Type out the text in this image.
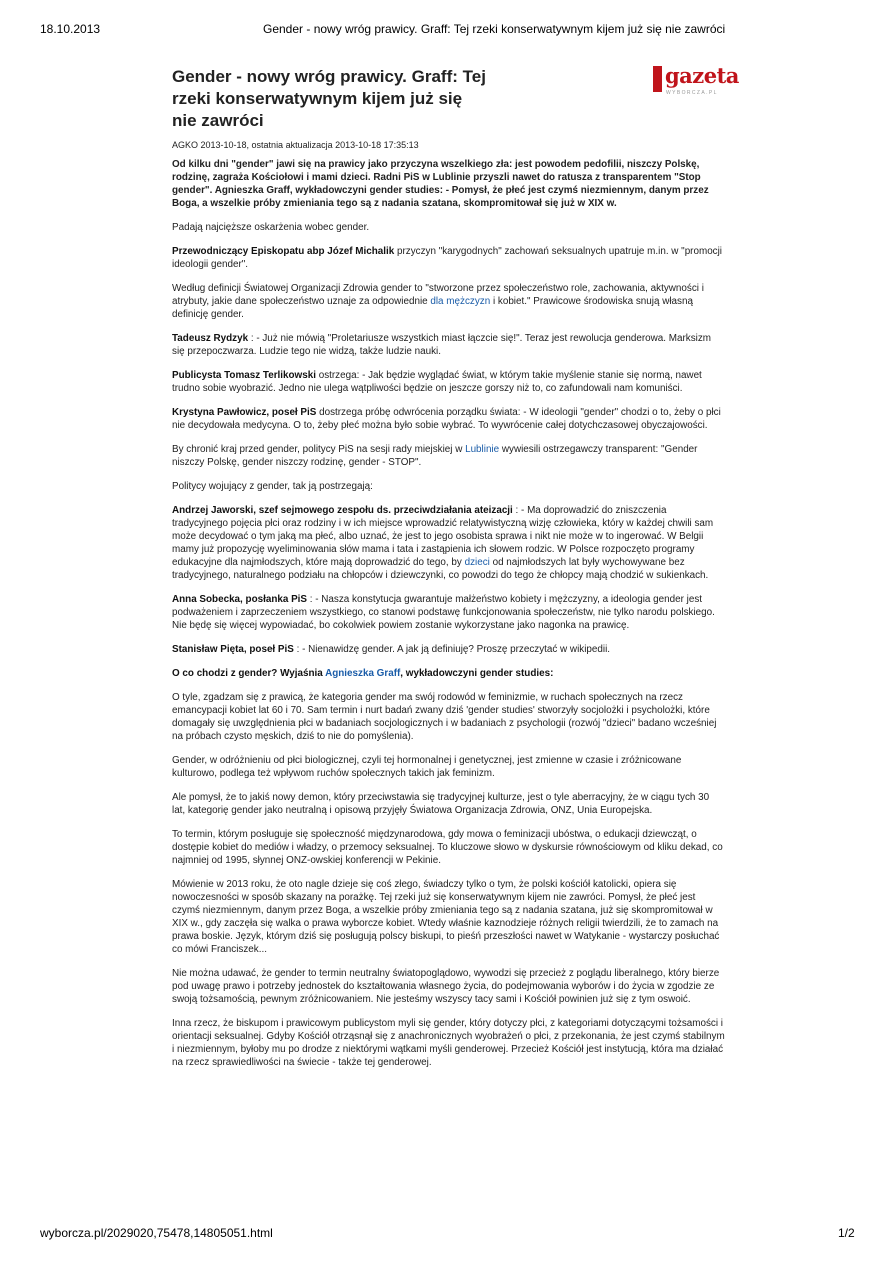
18.10.2013	Gender - nowy wróg prawicy. Graff: Tej rzeki konserwatywnym kijem już się nie zawróci
gazeta
WYBORCZA.PL
Gender - nowy wróg prawicy. Graff: Tej rzeki konserwatywnym kijem już się nie zawróci
AGKO 2013-10-18, ostatnia aktualizacja 2013-10-18 17:35:13

Od kilku dni "gender" jawi się na prawicy jako przyczyna wszelkiego zła: jest powodem pedofilii, niszczy Polskę, rodzinę, zagraża Kościołowi i mami dzieci. Radni PiS w Lublinie przyszli nawet do ratusza z transparentem "Stop gender". Agnieszka Graff, wykładowczyni gender studies: - Pomysł, że płeć jest czymś niezmiennym, danym przez Boga, a wszelkie próby zmieniania tego są z nadania szatana, skompromitował się już w XIX w.

Padają najcięższe oskarżenia wobec gender.

Przewodniczący Episkopatu abp Józef Michalik przyczyn "karygodnych" zachowań seksualnych upatruje m.in. w "promocji ideologii gender".

Według definicji Światowej Organizacji Zdrowia gender to "stworzone przez społeczeństwo role, zachowania, aktywności i atrybuty, jakie dane społeczeństwo uznaje za odpowiednie dla mężczyzn i kobiet." Prawicowe środowiska snują własną definicję gender.

Tadeusz Rydzyk : - Już nie mówią "Proletariusze wszystkich miast łączcie się!". Teraz jest rewolucja genderowa. Marksizm się przepoczwarza. Ludzie tego nie widzą, także ludzie nauki.

Publicysta Tomasz Terlikowski ostrzega: - Jak będzie wyglądać świat, w którym takie myślenie stanie się normą, nawet trudno sobie wyobrazić. Jedno nie ulega wątpliwości będzie on jeszcze gorszy niż to, co zafundowali nam komuniści.

Krystyna Pawłowicz, poseł PiS dostrzega próbę odwrócenia porządku świata: - W ideologii "gender" chodzi o to, żeby o płci nie decydowała medycyna. O to, żeby płeć można było sobie wybrać. To wywrócenie całej dotychczasowej obyczajowości.

By chronić kraj przed gender, politycy PiS na sesji rady miejskiej w Lublinie wywiesili ostrzegawczy transparent: "Gender niszczy Polskę, gender niszczy rodzinę, gender - STOP".

Politycy wojujący z gender, tak ją postrzegają:

Andrzej Jaworski, szef sejmowego zespołu ds. przeciwdziałania ateizacji : - Ma doprowadzić do zniszczenia tradycyjnego pojęcia płci oraz rodziny i w ich miejsce wprowadzić relatywistyczną wizję człowieka, który w każdej chwili sam może decydować o tym jaką ma płeć, albo uznać, że jest to jego osobista sprawa i nikt nie może w to ingerować. W Belgii mamy już propozycję wyeliminowania słów mama i tata i zastąpienia ich słowem rodzic. W Polsce rozpoczęto programy edukacyjne dla najmłodszych, które mają doprowadzić do tego, by dzieci od najmłodszych lat były wychowywane bez tradycyjnego, naturalnego podziału na chłopców i dziewczynki, co powodzi do tego że chłopcy mają chodzić w sukienkach.

Anna Sobecka, posłanka PiS : - Nasza konstytucja gwarantuje małżeństwo kobiety i mężczyzny, a ideologia gender jest podważeniem i zaprzeczeniem wszystkiego, co stanowi podstawę funkcjonowania społeczeństw, nie tylko narodu polskiego. Nie będę się więcej wypowiadać, bo cokolwiek powiem zostanie wykorzystane jako nagonka na prawicę.

Stanisław Pięta, poseł PiS : - Nienawidzę gender. A jak ją definiuję? Proszę przeczytać w wikipedii.

O co chodzi z gender? Wyjaśnia Agnieszka Graff, wykładowczyni gender studies:

O tyle, zgadzam się z prawicą, że kategoria gender ma swój rodowód w feminizmie, w ruchach społecznych na rzecz emancypacji kobiet lat 60 i 70. Sam termin i nurt badań zwany dziś 'gender studies' stworzyły socjolożki i psycholożki, które domagały się uwzględnienia płci w badaniach socjologicznych i w badaniach z psychologii (rozwój "dzieci" badano wcześniej na próbach czysto męskich, dziś to nie do pomyślenia).

Gender, w odróżnieniu od płci biologicznej, czyli tej hormonalnej i genetycznej, jest zmienne w czasie i zróżnicowane kulturowo, podlega też wpływom ruchów społecznych takich jak feminizm.

Ale pomysł, że to jakiś nowy demon, który przeciwstawia się tradycyjnej kulturze, jest o tyle aberracyjny, że w ciągu tych 30 lat, kategorię gender jako neutralną i opisową przyjęły Światowa Organizacja Zdrowia, ONZ, Unia Europejska.

To termin, którym posługuje się społeczność międzynarodowa, gdy mowa o feminizacji ubóstwa, o edukacji dziewcząt, o dostępie kobiet do mediów i władzy, o przemocy seksualnej. To kluczowe słowo w dyskursie równościowym od kliku dekad, co najmniej od 1995, słynnej ONZ-owskiej konferencji w Pekinie.

Mówienie w 2013 roku, że oto nagle dzieje się coś złego, świadczy tylko o tym, że polski kościół katolicki, opiera się nowoczesności w sposób skazany na porażkę. Tej rzeki już się konserwatywnym kijem nie zawróci. Pomysł, że płeć jest czymś niezmiennym, danym przez Boga, a wszelkie próby zmieniania tego są z nadania szatana, już się skompromitował w XIX w., gdy zaczęła się walka o prawa wyborcze kobiet. Wtedy właśnie kaznodzieje różnych religii twierdzili, że to zamach na prawa boskie. Język, którym dziś się posługują polscy biskupi, to pieśń przeszłości nawet w Watykanie - wystarczy posłuchać co mówi Franciszek...

Nie można udawać, że gender to termin neutralny światopoglądowo, wywodzi się przecież z poglądu liberalnego, który bierze pod uwagę prawo i potrzeby jednostek do kształtowania własnego życia, do podejmowania wyborów i do życia w zgodzie ze swoją tożsamością, pewnym zróżnicowaniem. Nie jesteśmy wszyscy tacy sami i Kościół powinien już się z tym oswoić.

Inna rzecz, że biskupom i prawicowym publicystom myli się gender, który dotyczy płci, z kategoriami dotyczącymi tożsamości i orientacji seksualnej. Gdyby Kościół otrząsnął się z anachronicznych wyobrażeń o płci, z przekonania, że jest czymś stabilnym i niezmiennym, byłoby mu po drodze z niektórymi wątkami myśli genderowej. Przecież Kościół jest instytucją, która ma działać na rzecz sprawiedliwości na świecie - także tej genderowej.

wyborcza.pl/2029020,75478,14805051.html	1/2
